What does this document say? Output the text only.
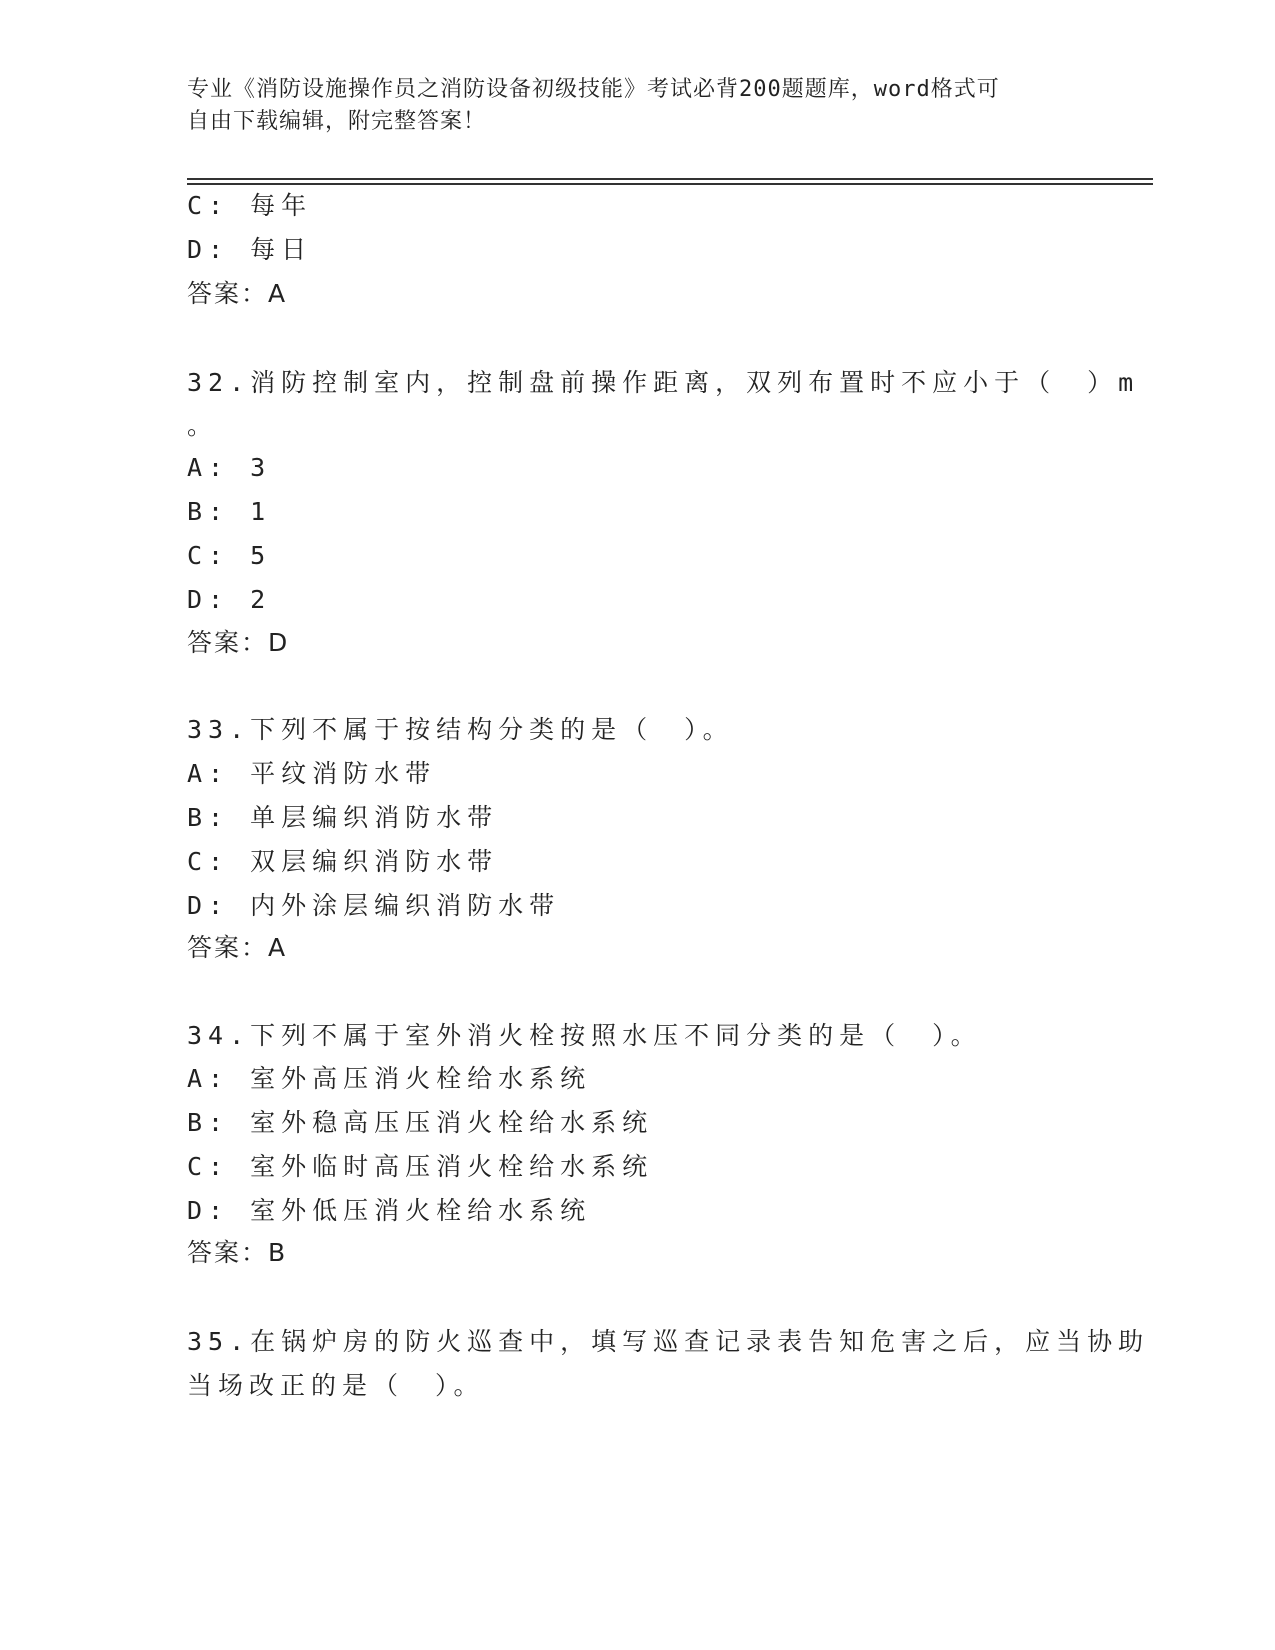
专业《消防设施操作员之消防设备初级技能》考试必背200题题库，word格式可
自由下载编辑，附完整答案！
C: 每年
D: 每日
答案：A
32.消防控制室内，控制盘前操作距离，双列布置时不应小于（　）m
。
A: 3
B: 1
C: 5
D: 2
答案：D
33.下列不属于按结构分类的是（　）。
A: 平纹消防水带
B: 单层编织消防水带
C: 双层编织消防水带
D: 内外涂层编织消防水带
答案：A
34.下列不属于室外消火栓按照水压不同分类的是（　）。
A: 室外高压消火栓给水系统
B: 室外稳高压压消火栓给水系统
C: 室外临时高压消火栓给水系统
D: 室外低压消火栓给水系统
答案：B
35.在锅炉房的防火巡查中，填写巡查记录表告知危害之后，应当协助
当场改正的是（　）。
